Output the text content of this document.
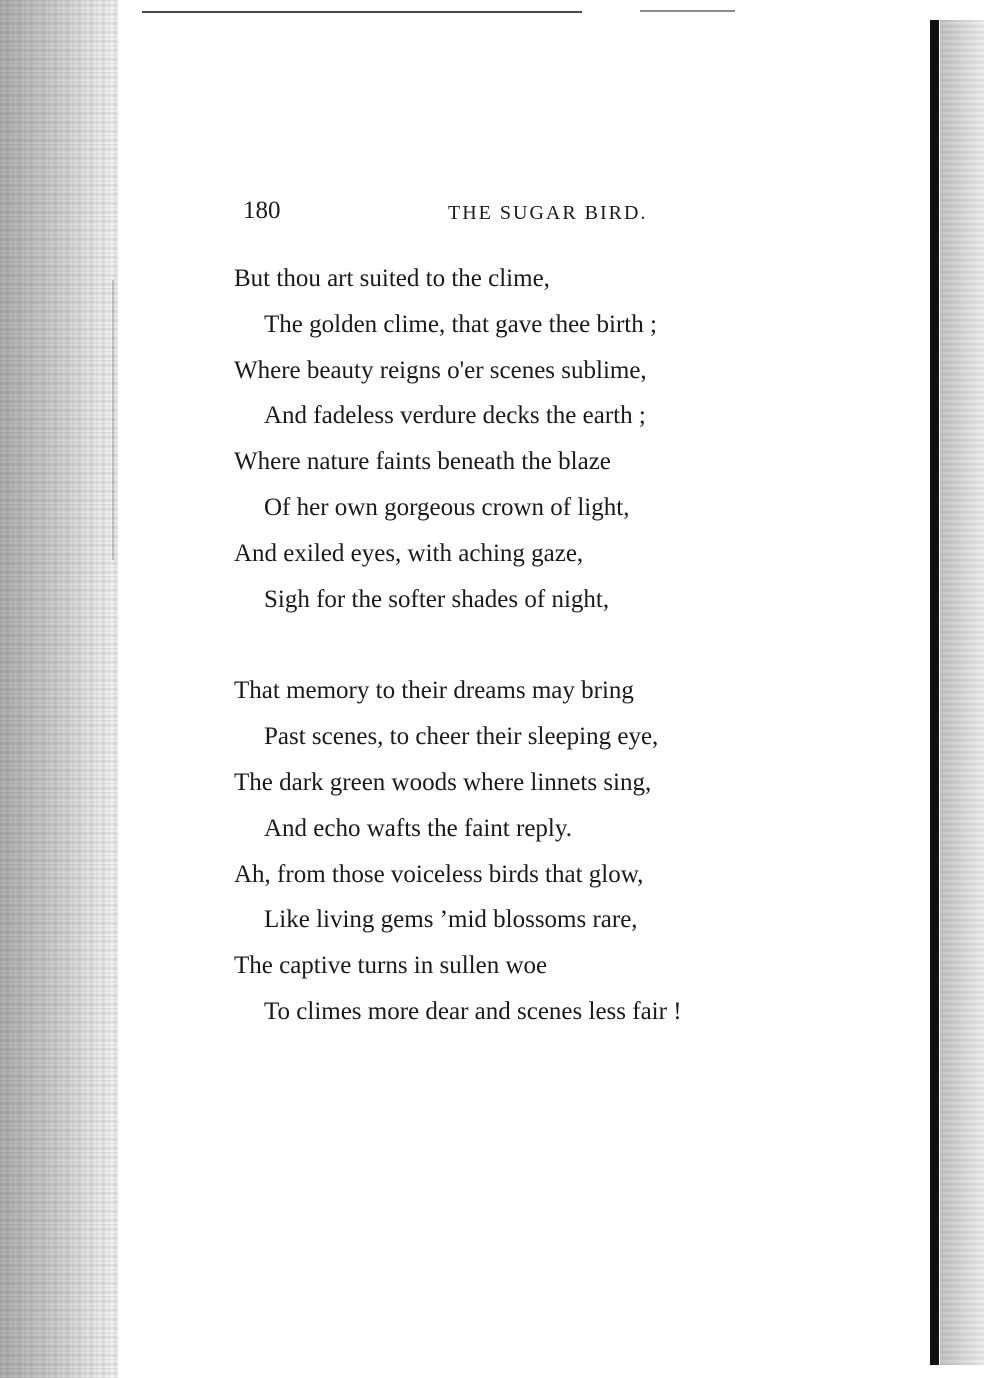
180	THE SUGAR BIRD.
But thou art suited to the clime,
The golden clime, that gave thee birth ;
Where beauty reigns o'er scenes sublime,
And fadeless verdure decks the earth ;
Where nature faints beneath the blaze
Of her own gorgeous crown of light,
And exiled eyes, with aching gaze,
Sigh for the softer shades of night,
That memory to their dreams may bring
Past scenes, to cheer their sleeping eye,
The dark green woods where linnets sing,
And echo wafts the faint reply.
Ah, from those voiceless birds that glow,
Like living gems ’mid blossoms rare,
The captive turns in sullen woe
To climes more dear and scenes less fair !
